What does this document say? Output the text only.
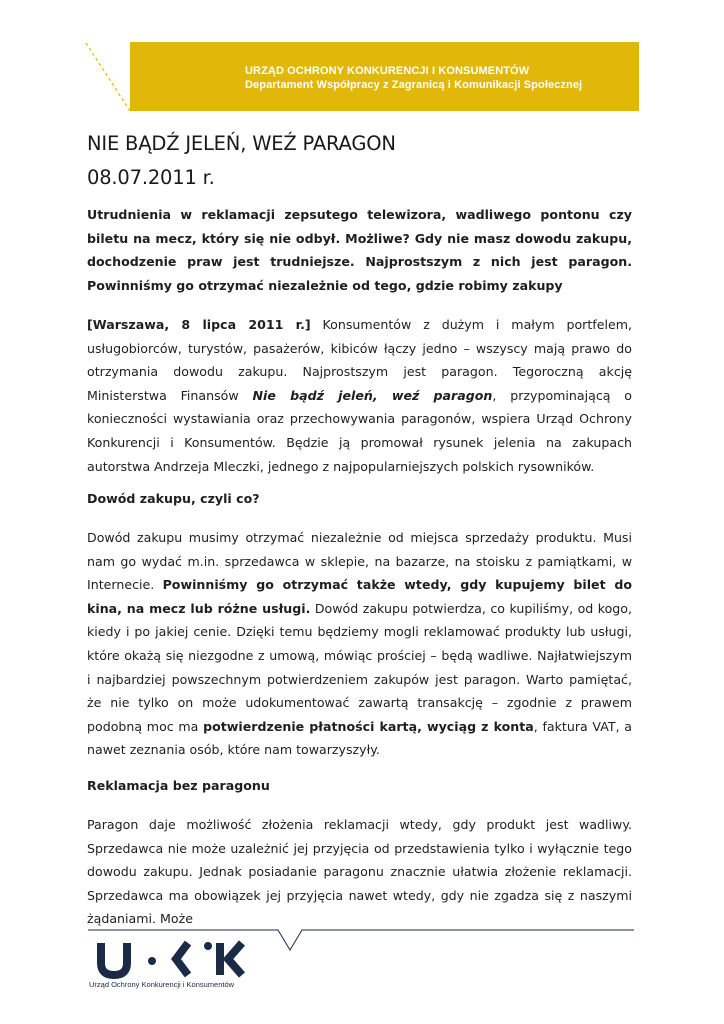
URZĄD OCHRONY KONKURENCJI I KONSUMENTÓW
Departament Współpracy z Zagranicą i Komunikacji Społecznej
NIE BĄDŹ JELEŃ, WEŹ PARAGON
08.07.2011 r.

Utrudnienia w reklamacji zepsutego telewizora, wadliwego pontonu czy biletu na mecz, który się nie odbył. Możliwe? Gdy nie masz dowodu zakupu, dochodzenie praw jest trudniejsze. Najprostszym z nich jest paragon. Powinniśmy go otrzymać niezależnie od tego, gdzie robimy zakupy

[Warszawa, 8 lipca 2011 r.] Konsumentów z dużym i małym portfelem, usługobiorców, turystów, pasażerów, kibiców łączy jedno – wszyscy mają prawo do otrzymania dowodu zakupu. Najprostszym jest paragon. Tegoroczną akcję Ministerstwa Finansów Nie bądź jeleń, weź paragon, przypominającą o konieczności wystawiania oraz przechowywania paragonów, wspiera Urząd Ochrony Konkurencji i Konsumentów. Będzie ją promował rysunek jelenia na zakupach autorstwa Andrzeja Mleczki, jednego z najpopularniejszych polskich rysowników.

Dowód zakupu, czyli co?

Dowód zakupu musimy otrzymać niezależnie od miejsca sprzedaży produktu. Musi nam go wydać m.in. sprzedawca w sklepie, na bazarze, na stoisku z pamiątkami, w Internecie. Powinniśmy go otrzymać także wtedy, gdy kupujemy bilet do kina, na mecz lub różne usługi. Dowód zakupu potwierdza, co kupiliśmy, od kogo, kiedy i po jakiej cenie. Dzięki temu będziemy mogli reklamować produkty lub usługi, które okażą się niezgodne z umową, mówiąc prościej – będą wadliwe. Najłatwiejszym i najbardziej powszechnym potwierdzeniem zakupów jest paragon. Warto pamiętać, że nie tylko on może udokumentować zawartą transakcję – zgodnie z prawem podobną moc ma potwierdzenie płatności kartą, wyciąg z konta, faktura VAT, a nawet zeznania osób, które nam towarzyszyły.

Reklamacja bez paragonu

Paragon daje możliwość złożenia reklamacji wtedy, gdy produkt jest wadliwy. Sprzedawca nie może uzależnić jej przyjęcia od przedstawienia tylko i wyłącznie tego dowodu zakupu. Jednak posiadanie paragonu znacznie ułatwia złożenie reklamacji. Sprzedawca ma obowiązek jej przyjęcia nawet wtedy, gdy nie zgadza się z naszymi żądaniami. Może

Urząd Ochrony Konkurencji i Konsumentów
